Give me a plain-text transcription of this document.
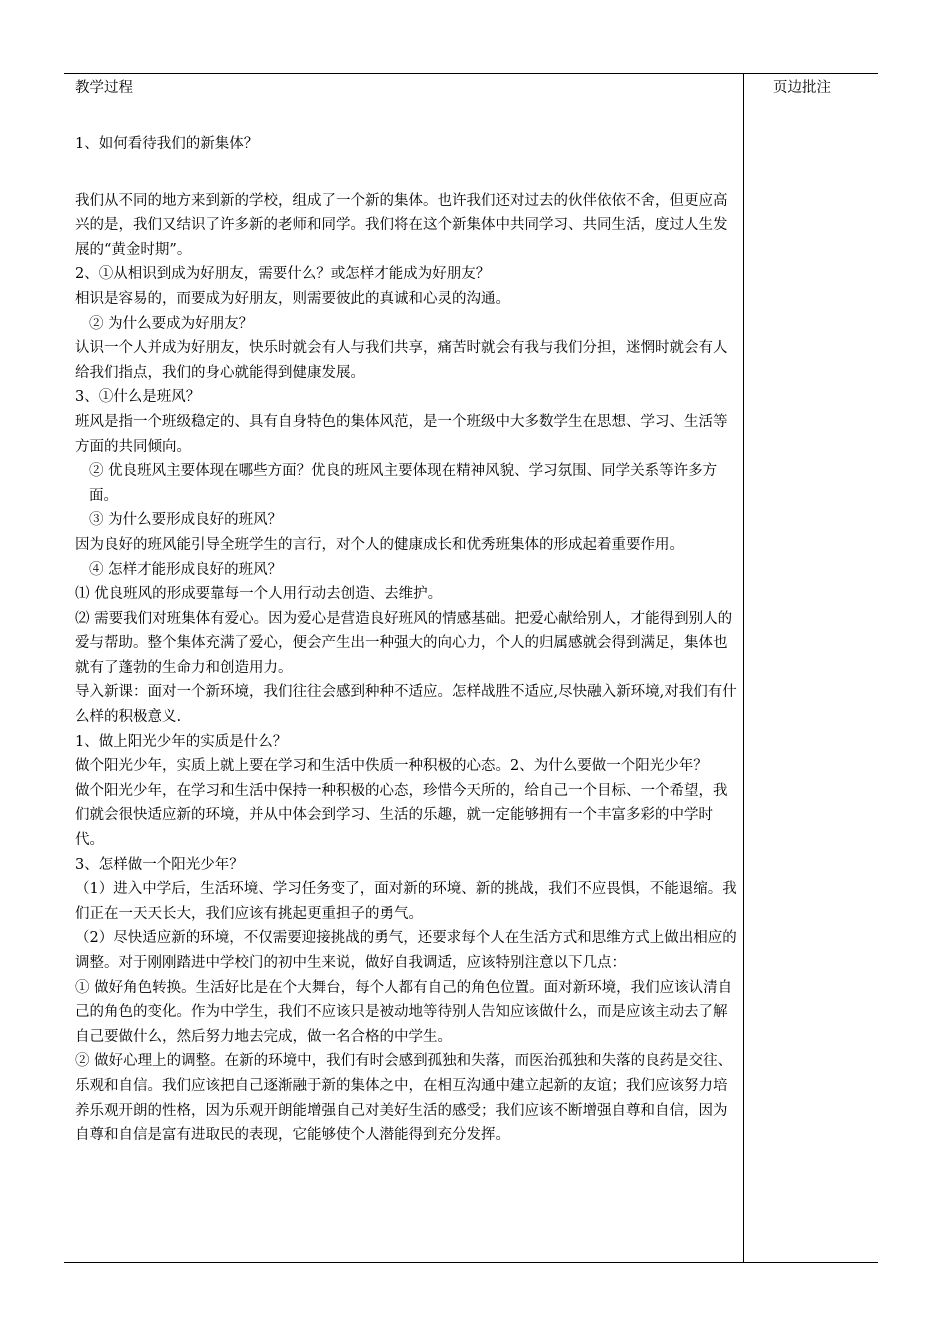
教学过程	页边批注

1、如何看待我们的新集体？

我们从不同的地方来到新的学校，组成了一个新的集体。也许我们还对过去的伙伴依依不舍，但更应高兴的是，我们又结识了许多新的老师和同学。我们将在这个新集体中共同学习、共同生活，度过人生发展的“黄金时期”。

2、①从相识到成为好朋友，需要什么？或怎样才能成为好朋友？

相识是容易的，而要成为好朋友，则需要彼此的真诚和心灵的沟通。

② 为什么要成为好朋友？

认识一个人并成为好朋友，快乐时就会有人与我们共享，痛苦时就会有我与我们分担，迷惘时就会有人给我们指点，我们的身心就能得到健康发展。

3、①什么是班风？

班风是指一个班级稳定的、具有自身特色的集体风范，是一个班级中大多数学生在思想、学习、生活等方面的共同倾向。

② 优良班风主要体现在哪些方面？优良的班风主要体现在精神风貌、学习氛围、同学关系等许多方面。

③ 为什么要形成良好的班风？

因为良好的班风能引导全班学生的言行，对个人的健康成长和优秀班集体的形成起着重要作用。

④ 怎样才能形成良好的班风？

⑴ 优良班风的形成要靠每一个人用行动去创造、去维护。

⑵ 需要我们对班集体有爱心。因为爱心是营造良好班风的情感基础。把爱心献给别人，才能得到别人的爱与帮助。整个集体充满了爱心，便会产生出一种强大的向心力，个人的归属感就会得到满足，集体也就有了蓬勃的生命力和创造用力。

导入新课：面对一个新环境，我们往往会感到种种不适应。怎样战胜不适应,尽快融入新环境,对我们有什么样的积极意义.

1、做上阳光少年的实质是什么？

做个阳光少年，实质上就上要在学习和生活中佚质一种积极的心态。2、为什么要做一个阳光少年？

做个阳光少年，在学习和生活中保持一种积极的心态，珍惜今天所的，给自己一个目标、一个希望，我们就会很快适应新的环境，并从中体会到学习、生活的乐趣，就一定能够拥有一个丰富多彩的中学时代。

3、怎样做一个阳光少年？

（1）进入中学后，生活环境、学习任务变了，面对新的环境、新的挑战，我们不应畏惧，不能退缩。我们正在一天天长大，我们应该有挑起更重担子的勇气。

（2）尽快适应新的环境，不仅需要迎接挑战的勇气，还要求每个人在生活方式和思维方式上做出相应的调整。对于刚刚踏进中学校门的初中生来说，做好自我调适，应该特别注意以下几点：

① 做好角色转换。生活好比是在个大舞台，每个人都有自己的角色位置。面对新环境，我们应该认清自己的角色的变化。作为中学生，我们不应该只是被动地等待别人告知应该做什么，而是应该主动去了解自己要做什么，然后努力地去完成，做一名合格的中学生。

② 做好心理上的调整。在新的环境中，我们有时会感到孤独和失落，而医治孤独和失落的良药是交往、乐观和自信。我们应该把自己逐渐融于新的集体之中，在相互沟通中建立起新的友谊；我们应该努力培养乐观开朗的性格，因为乐观开朗能增强自己对美好生活的感受；我们应该不断增强自尊和自信，因为自尊和自信是富有进取民的表现，它能够使个人潜能得到充分发挥。
